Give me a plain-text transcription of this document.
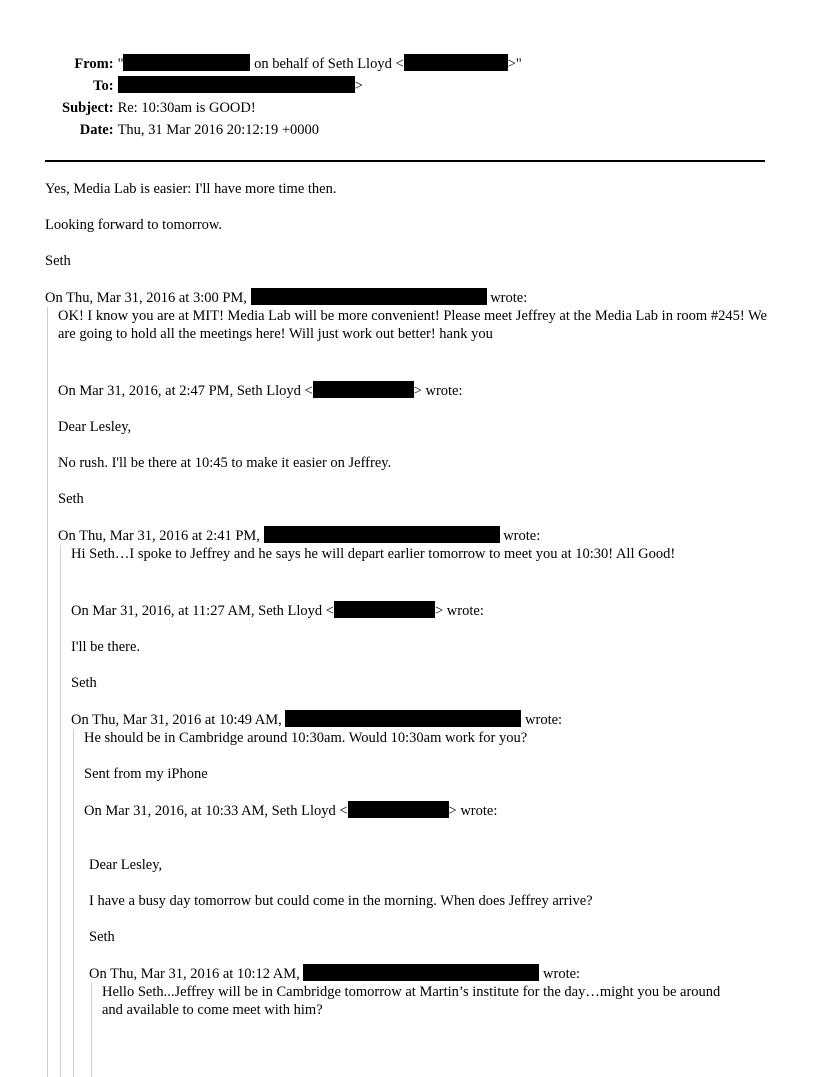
From:	" on behalf of Seth Lloyd < >"
To:	>
Subject:	Re: 10:30am is GOOD!
Date:	Thu, 31 Mar 2016 20:12:19 +0000

Yes, Media Lab is easier: I'll have more time then.

Looking forward to tomorrow.

Seth

On Thu, Mar 31, 2016 at 3:00 PM,	wrote:

OK! I know you are at MIT! Media Lab will be more convenient! Please meet Jeffrey at the Media Lab in room #245! We are going to hold all the meetings here! Will just work out better! hank you

On Mar 31, 2016, at 2:47 PM, Seth Lloyd <	> wrote:

Dear Lesley,

No rush. I'll be there at 10:45 to make it easier on Jeffrey.

Seth

On Thu, Mar 31, 2016 at 2:41 PM,	wrote:

Hi Seth…I spoke to Jeffrey and he says he will depart earlier tomorrow to meet you at 10:30! All Good!

On Mar 31, 2016, at 11:27 AM, Seth Lloyd <	> wrote:

I'll be there.

Seth

On Thu, Mar 31, 2016 at 10:49 AM,	wrote:

He should be in Cambridge around 10:30am. Would 10:30am work for you?

Sent from my iPhone

On Mar 31, 2016, at 10:33 AM, Seth Lloyd <	> wrote:

Dear Lesley,

I have a busy day tomorrow but could come in the morning. When does Jeffrey arrive?

Seth

On Thu, Mar 31, 2016 at 10:12 AM,	wrote:

Hello Seth...Jeffrey will be in Cambridge tomorrow at Martin’s institute for the day…might you be around and available to come meet with him?
